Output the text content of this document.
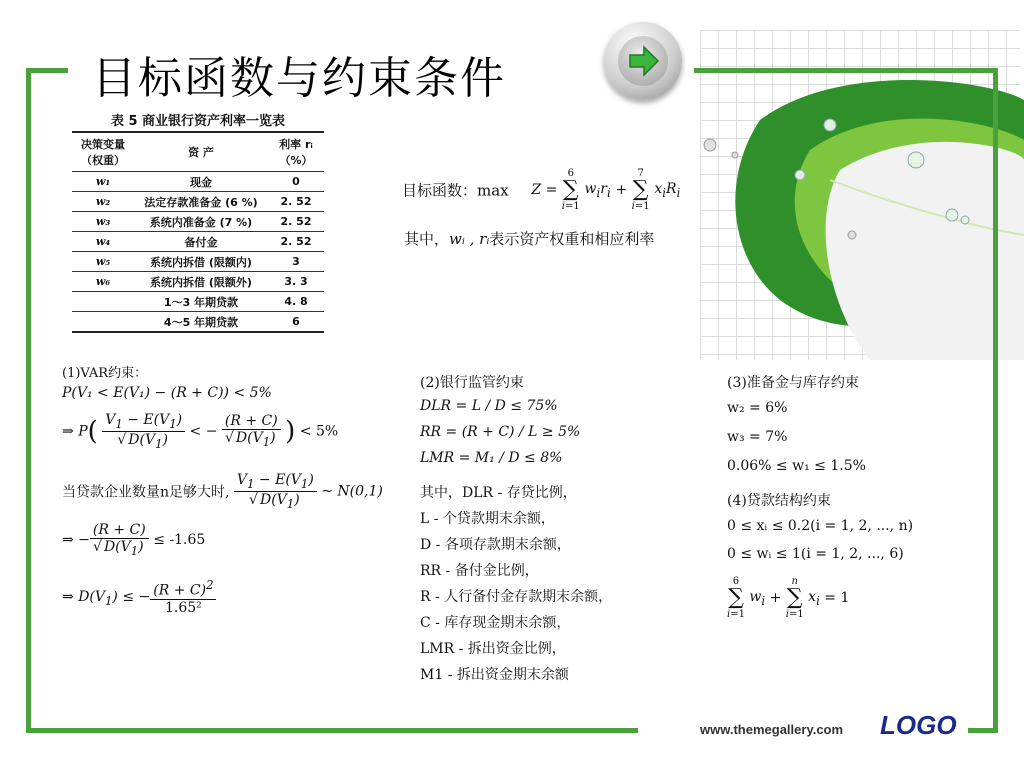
目标函数与约束条件
表 5 商业银行资产利率一览表
决策变量
（权重）	资 产	利率 rᵢ
（%）
w₁	现金	0
w₂	法定存款准备金 (6 %)	2. 52
w₃	系统内准备金 (7 %)	2. 52
w₄	备付金	2. 52
w₅	系统内拆借 (限额内)	3
w₆	系统内拆借 (限额外)	3. 3
	1～3 年期贷款	4. 8
	4～5 年期贷款	6
目标函数：max Z = 6
∑
i=1 $w_ir_i + 7$
∑
i=1 $x_iR_i$
其中，wᵢ , rᵢ表示资产权重和相应利率
(1)VAR约束：
P(V₁ < E(V₁) − (R + C)) < 5%
⇒ $P( \frac{V_1 - E(V_1)}{√ D(V_1)}$ < − $\frac{(R + C)}{√ D(V_1)}$ ) < 5%
当贷款企业数量n足够大时, $\frac{V_1 - E(V_1)}{√ D(V_1)}$ ~ N(0,1)
⇒ − $\frac{(R + C)}{√ D(V_1)} \le -1.65$
⇒ $D(V_1)$ ≤ − $\frac{(R + C)^2}{\text{1.65²}}$
(2)银行监管约束
DLR = L / D ≤ 75%
RR = (R + C) / L ≥ 5%
LMR = M₁ / D ≤ 8%
其中，DLR - 存贷比例，
L - 个贷款期末余额，
D - 各项存款期末余额，
RR - 备付金比例，
R - 人行备付金存款期末余额，
C - 库存现金期末余额，
LMR - 拆出资金比例，
M1 - 拆出资金期末余额
(3)准备金与库存约束
w₂ = 6%
w₃ = 7%
0.06% ≤ w₁ ≤ 1.5%
(4)贷款结构约束
0 ≤ xᵢ ≤ 0.2(i = 1, 2, ..., n)
0 ≤ wᵢ ≤ 1(i = 1, 2, ..., 6)
6
∑
i=1 $w_i + n$
∑
i=1 $x_i = 1$
www.themegallery.com LOGO
